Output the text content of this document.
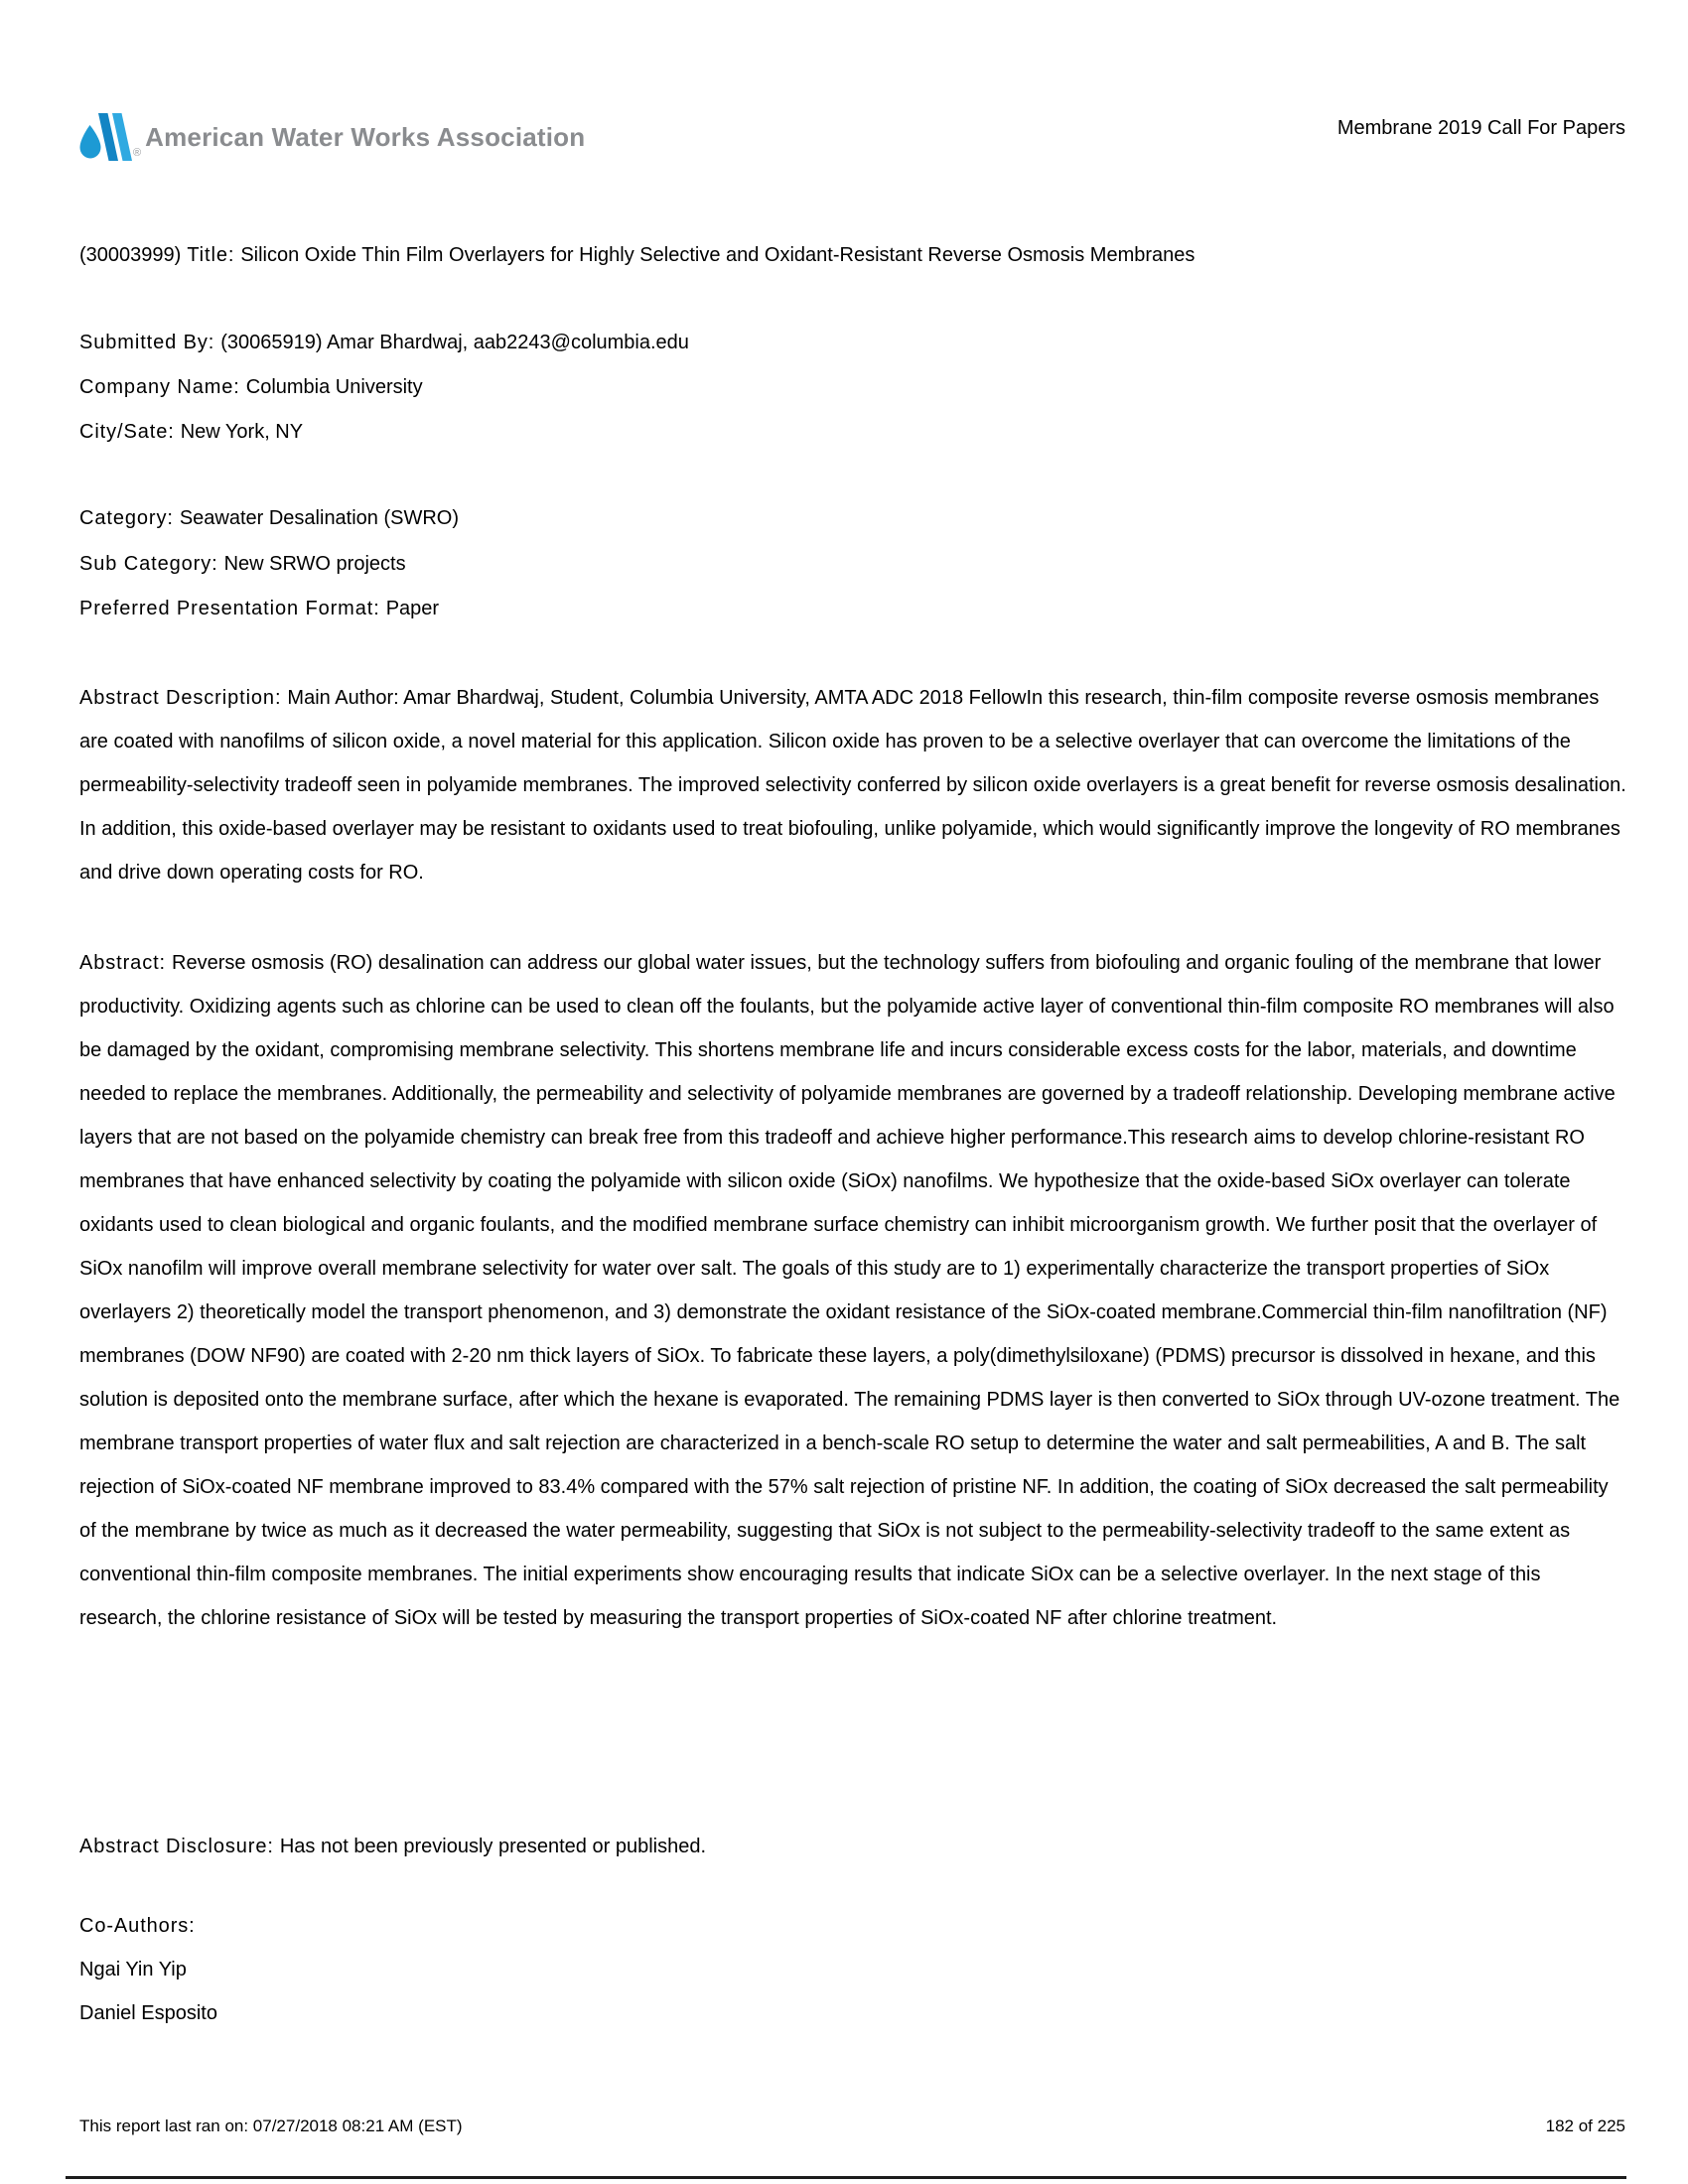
®
American Water Works Association	Membrane 2019 Call For Papers
(30003999) Title: Silicon Oxide Thin Film Overlayers for Highly Selective and Oxidant-Resistant Reverse Osmosis Membranes
Submitted By: (30065919) Amar Bhardwaj, aab2243@columbia.edu
Company Name: Columbia University
City/Sate: New York, NY
Category: Seawater Desalination (SWRO)
Sub Category: New SRWO projects
Preferred Presentation Format: Paper
Abstract Description: Main Author: Amar Bhardwaj, Student, Columbia University, AMTA ADC 2018 FellowIn this research, thin-film composite reverse osmosis membranes are coated with nanofilms of silicon oxide, a novel material for this application. Silicon oxide has proven to be a selective overlayer that can overcome the limitations of the permeability-selectivity tradeoff seen in polyamide membranes. The improved selectivity conferred by silicon oxide overlayers is a great benefit for reverse osmosis desalination. In addition, this oxide-based overlayer may be resistant to oxidants used to treat biofouling, unlike polyamide, which would significantly improve the longevity of RO membranes and drive down operating costs for RO.
Abstract: Reverse osmosis (RO) desalination can address our global water issues, but the technology suffers from biofouling and organic fouling of the membrane that lower productivity. Oxidizing agents such as chlorine can be used to clean off the foulants, but the polyamide active layer of conventional thin-film composite RO membranes will also be damaged by the oxidant, compromising membrane selectivity. This shortens membrane life and incurs considerable excess costs for the labor, materials, and downtime needed to replace the membranes. Additionally, the permeability and selectivity of polyamide membranes are governed by a tradeoff relationship. Developing membrane active layers that are not based on the polyamide chemistry can break free from this tradeoff and achieve higher performance.This research aims to develop chlorine-resistant RO membranes that have enhanced selectivity by coating the polyamide with silicon oxide (SiOx) nanofilms. We hypothesize that the oxide-based SiOx overlayer can tolerate oxidants used to clean biological and organic foulants, and the modified membrane surface chemistry can inhibit microorganism growth. We further posit that the overlayer of SiOx nanofilm will improve overall membrane selectivity for water over salt. The goals of this study are to 1) experimentally characterize the transport properties of SiOx overlayers 2) theoretically model the transport phenomenon, and 3) demonstrate the oxidant resistance of the SiOx-coated membrane.Commercial thin-film nanofiltration (NF) membranes (DOW NF90) are coated with 2-20 nm thick layers of SiOx. To fabricate these layers, a poly(dimethylsiloxane) (PDMS) precursor is dissolved in hexane, and this solution is deposited onto the membrane surface, after which the hexane is evaporated. The remaining PDMS layer is then converted to SiOx through UV-ozone treatment. The membrane transport properties of water flux and salt rejection are characterized in a bench-scale RO setup to determine the water and salt permeabilities, A and B. The salt rejection of SiOx-coated NF membrane improved to 83.4% compared with the 57% salt rejection of pristine NF. In addition, the coating of SiOx decreased the salt permeability of the membrane by twice as much as it decreased the water permeability, suggesting that SiOx is not subject to the permeability-selectivity tradeoff to the same extent as conventional thin-film composite membranes. The initial experiments show encouraging results that indicate SiOx can be a selective overlayer. In the next stage of this research, the chlorine resistance of SiOx will be tested by measuring the transport properties of SiOx-coated NF after chlorine treatment.
Abstract Disclosure: Has not been previously presented or published.
Co-Authors:
Ngai Yin Yip
Daniel Esposito
This report last ran on: 07/27/2018 08:21 AM (EST)	182 of 225
